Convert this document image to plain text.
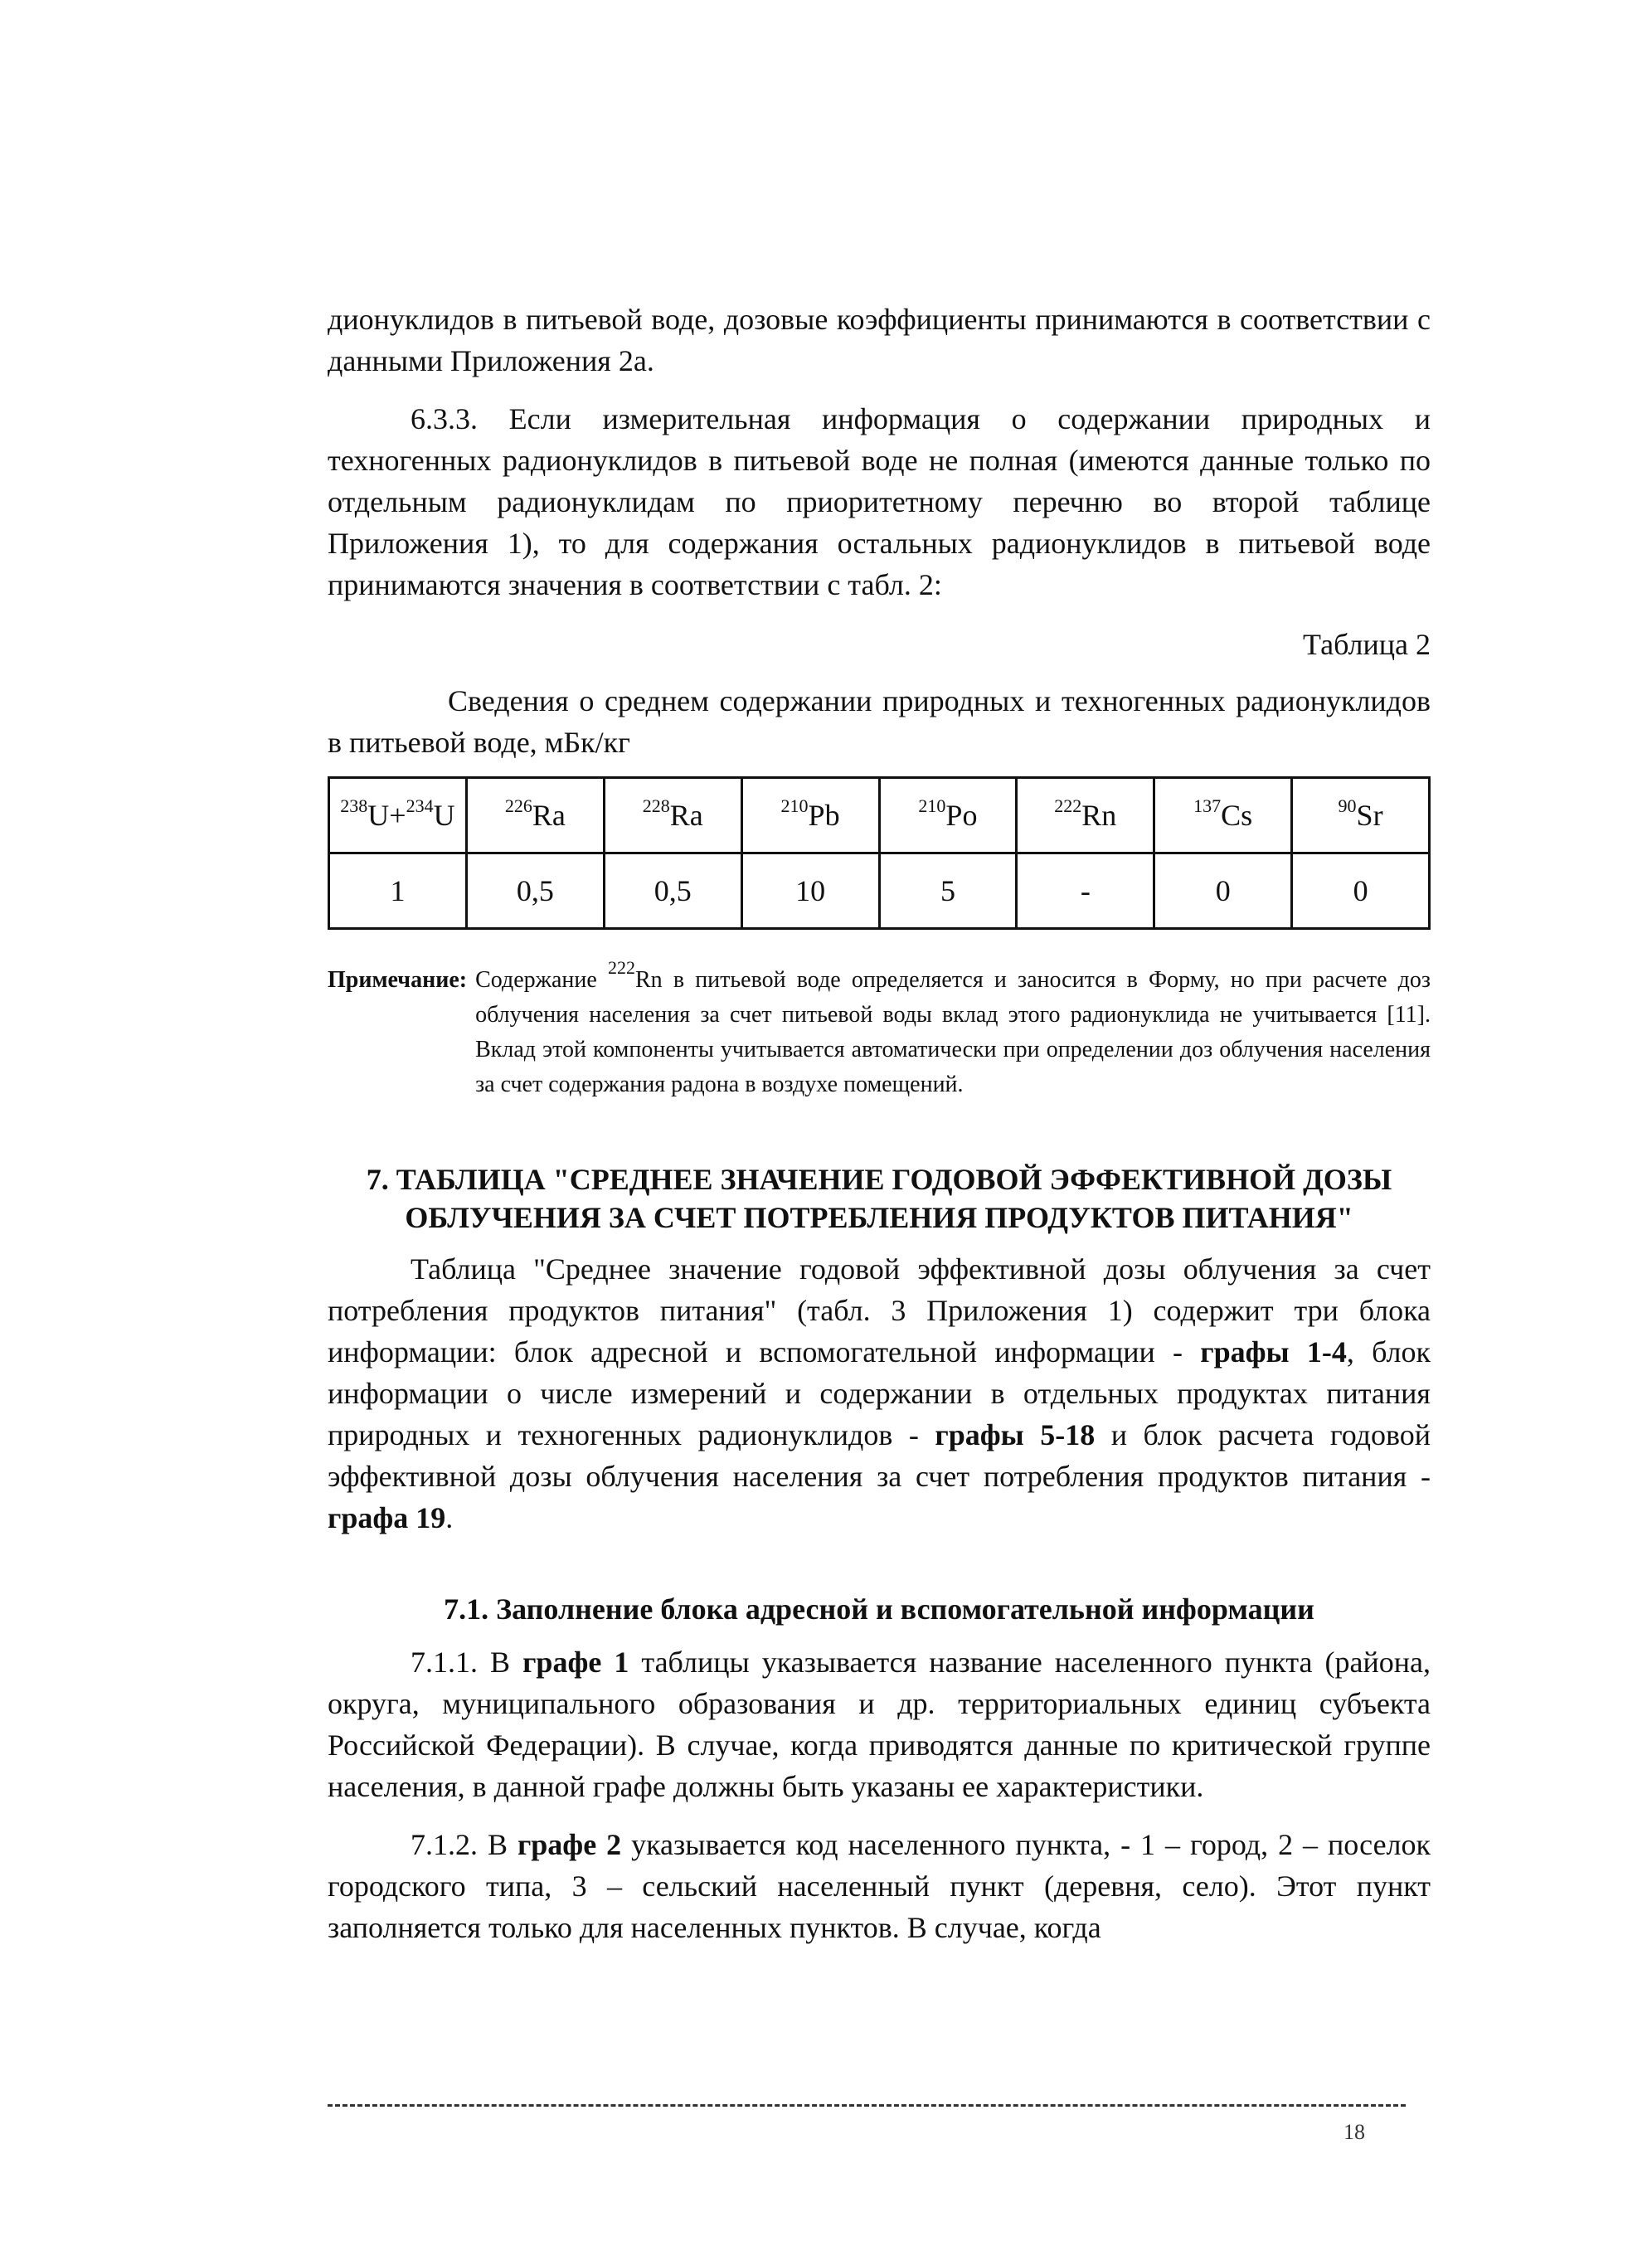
дионуклидов в питьевой воде, дозовые коэффициенты принимаются в соответствии с данными Приложения 2а.

6.3.3. Если измерительная информация о содержании природных и техногенных радионуклидов в питьевой воде не полная (имеются данные только по отдельным радионуклидам по приоритетному перечню во второй таблице Приложения 1), то для содержания остальных радионуклидов в питьевой воде принимаются значения в соответствии с табл. 2:

Таблица 2
Сведения о среднем содержании природных и техногенных радионуклидов в питьевой воде, мБк/кг
$^{238}$U+$^{234}$U	$^{226}$Ra	$^{228}$Ra	$^{210}$Pb	$^{210}$Po	$^{222}$Rn	$^{137}$Cs	$^{90}$Sr
1	0,5	0,5	10	5	-	0	0
Примечание: Содержание $^{222}$Rn в питьевой воде определяется и заносится в Форму, но при расчете доз облучения населения за счет питьевой воды вклад этого радионуклида не учитывается [11]. Вклад этой компоненты учитывается автоматически при определении доз облучения населения за счет содержания радона в воздухе помещений.
7. ТАБЛИЦА "СРЕДНЕЕ ЗНАЧЕНИЕ ГОДОВОЙ ЭФФЕКТИВНОЙ ДОЗЫ
ОБЛУЧЕНИЯ ЗА СЧЕТ ПОТРЕБЛЕНИЯ ПРОДУКТОВ ПИТАНИЯ"

Таблица "Среднее значение годовой эффективной дозы облучения за счет потребления продуктов питания" (табл. 3 Приложения 1) содержит три блока информации: блок адресной и вспомогательной информации - графы 1-4, блок информации о числе измерений и содержании в отдельных продуктах питания природных и техногенных радионуклидов - графы 5-18 и блок расчета годовой эффективной дозы облучения населения за счет потребления продуктов питания - графа 19.

7.1. Заполнение блока адресной и вспомогательной информации

7.1.1. В графе 1 таблицы указывается название населенного пункта (района, округа, муниципального образования и др. территориальных единиц субъекта Российской Федерации). В случае, когда приводятся данные по критической группе населения, в данной графе должны быть указаны ее характеристики.

7.1.2. В графе 2 указывается код населенного пункта, - 1 – город, 2 – поселок городского типа, 3 – сельский населенный пункт (деревня, село). Этот пункт заполняется только для населенных пунктов. В случае, когда

18
